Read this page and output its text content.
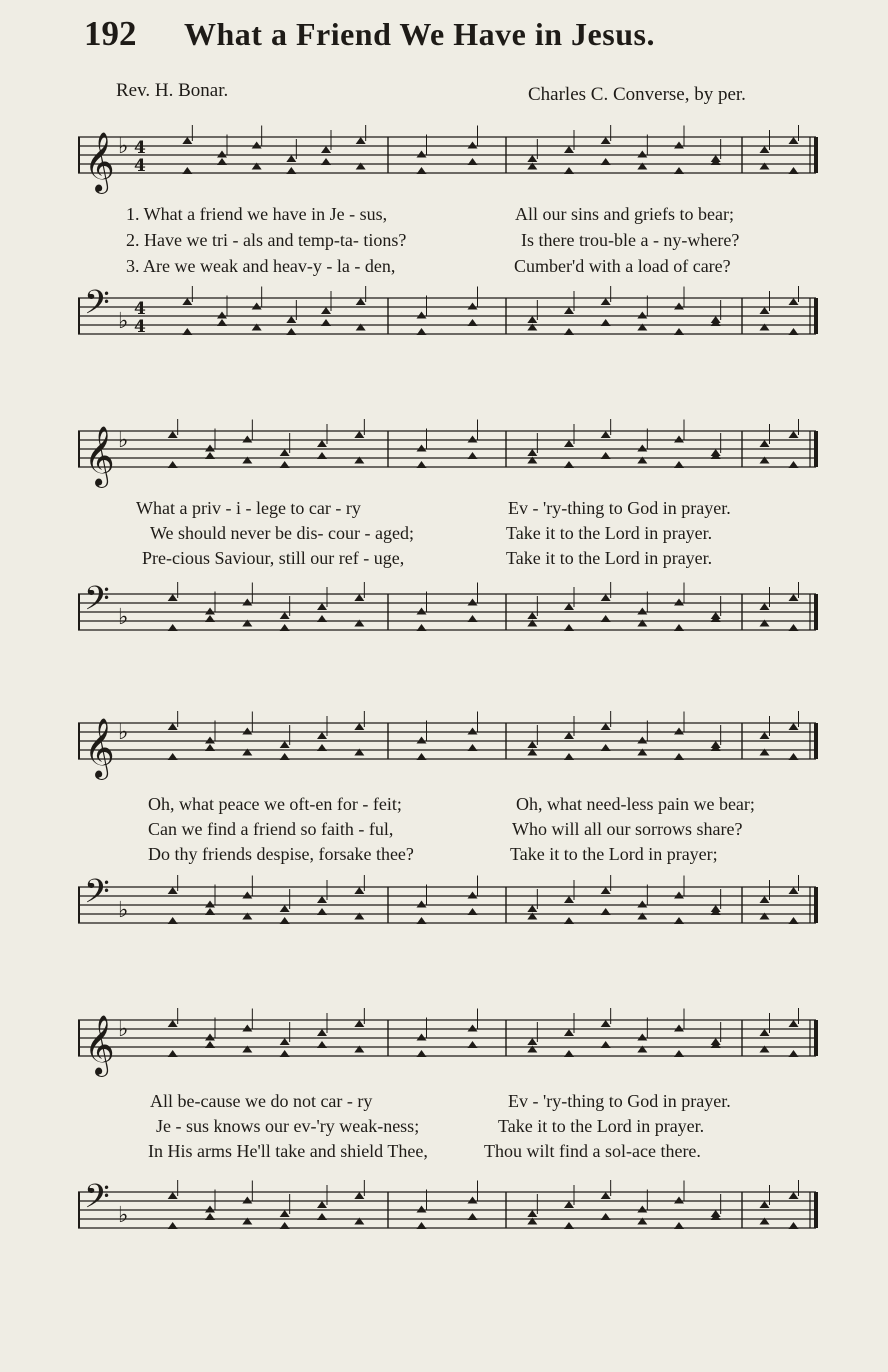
192 What a Friend We Have in Jesus.
Rev. H. Bonar.	Charles C. Converse, by per.
𝄞 ♭ 4
4
1. What a friend we have in Je - sus,	All our sins and griefs to bear;
2. Have we tri - als and temp-ta- tions?	Is there trou-ble a - ny-where?
3. Are we weak and heav-y - la - den,	Cumber'd with a load of care?
𝄢 ♭ 4
4
𝄞 ♭
What a priv - i - lege to car - ry	Ev - 'ry-thing to God in prayer.
We should never be dis- cour - aged;	Take it to the Lord in prayer.
Pre-cious Saviour, still our ref - uge,	Take it to the Lord in prayer.
𝄢 ♭
𝄞 ♭
Oh, what peace we oft-en for - feit;	Oh, what need-less pain we bear;
Can we find a friend so faith - ful,	Who will all our sorrows share?
Do thy friends despise, forsake thee?	Take it to the Lord in prayer;
𝄢 ♭
𝄞 ♭
All be-cause we do not car - ry	Ev - 'ry-thing to God in prayer.
Je - sus knows our ev-'ry weak-ness;	Take it to the Lord in prayer.
In His arms He'll take and shield Thee,	Thou wilt find a sol-ace there.
𝄢 ♭
